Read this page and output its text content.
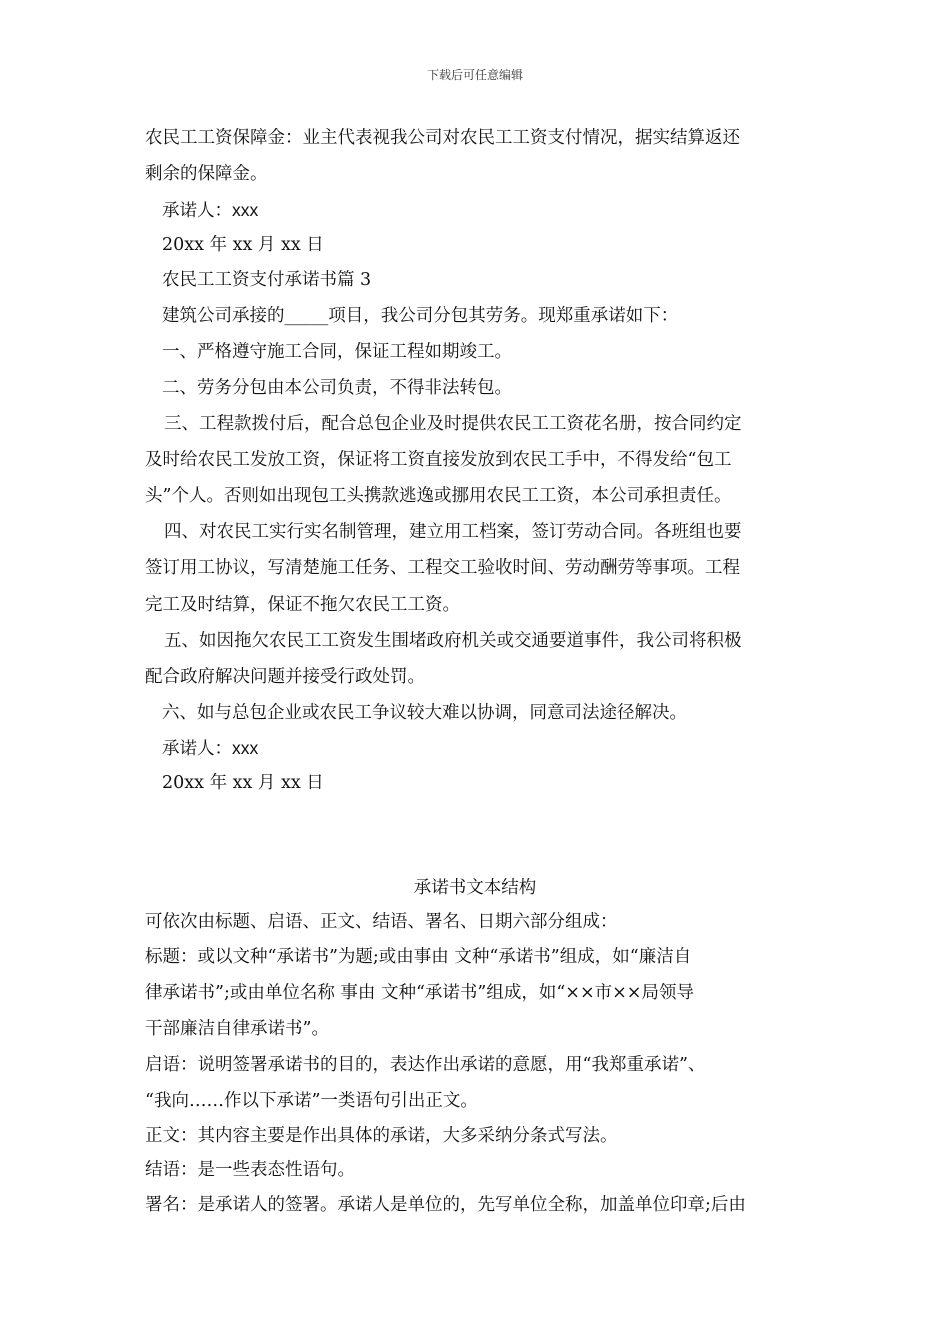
下载后可任意编辑

农民工工资保障金：业主代表视我公司对农民工工资支付情况，据实结算返还

剩余的保障金。

承诺人：xxx

20xx 年 xx 月 xx 日

农民工工资支付承诺书篇 3

建筑公司承接的_____项目，我公司分包其劳务。现郑重承诺如下：

一、严格遵守施工合同，保证工程如期竣工。

二、劳务分包由本公司负责，不得非法转包。

三、工程款拨付后，配合总包企业及时提供农民工工资花名册，按合同约定

及时给农民工发放工资，保证将工资直接发放到农民工手中，不得发给“包工

头”个人。否则如出现包工头携款逃逸或挪用农民工工资，本公司承担责任。

四、对农民工实行实名制管理，建立用工档案，签订劳动合同。各班组也要

签订用工协议，写清楚施工任务、工程交工验收时间、劳动酬劳等事项。工程

完工及时结算，保证不拖欠农民工工资。

五、如因拖欠农民工工资发生围堵政府机关或交通要道事件，我公司将积极

配合政府解决问题并接受行政处罚。

六、如与总包企业或农民工争议较大难以协调，同意司法途径解决。

承诺人：xxx

20xx 年 xx 月 xx 日

承诺书文本结构

可依次由标题、启语、正文、结语、署名、日期六部分组成：

标题：或以文种“承诺书”为题;或由事由 文种“承诺书”组成，如“廉洁自

律承诺书”;或由单位名称 事由 文种“承诺书”组成，如“××市××局领导

干部廉洁自律承诺书”。

启语：说明签署承诺书的目的，表达作出承诺的意愿，用“我郑重承诺”、

“我向……作以下承诺”一类语句引出正文。

正文：其内容主要是作出具体的承诺，大多采纳分条式写法。

结语：是一些表态性语句。

署名：是承诺人的签署。承诺人是单位的，先写单位全称，加盖单位印章;后由
